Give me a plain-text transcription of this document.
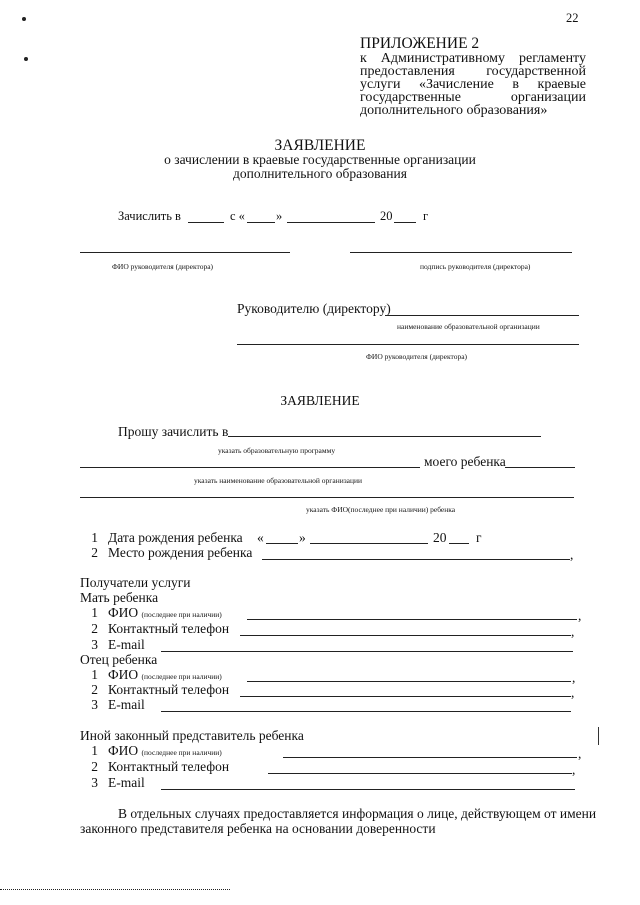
22
ПРИЛОЖЕНИЕ 2
к Административному регламенту предоставления государственной услуги «Зачисление в краевые государственные организации дополнительного образования»
ЗАЯВЛЕНИЕ
о зачислении в краевые государственные организации
дополнительного образования
Зачислить в	с « »	20 г
ФИО руководителя (директора)	подпись руководителя (директора)
Руководителю (директору)
наименование образовательной организации
ФИО руководителя (директора)
ЗАЯВЛЕНИЕ
Прошу зачислить в
указать образовательную программу
моего ребенка
указать наименование образовательной организации
указать ФИО(последнее при наличии) ребенка
1 Дата рождения ребенка «	»	20 г
2 Место рождения ребенка	,
Получатели услуги
Мать ребенка
1 ФИО (последнее при наличии)	,
2 Контактный телефон	,
3 E-mail
Отец ребенка
1 ФИО (последнее при наличии)	,
2 Контактный телефон	,
3 E-mail
Иной законный представитель ребенка
1 ФИО (последнее при наличии)	,
2 Контактный телефон	,
3 E-mail
В отдельных случаях предоставляется информация о лице, действующем от имени
законного представителя ребенка на основании доверенности
